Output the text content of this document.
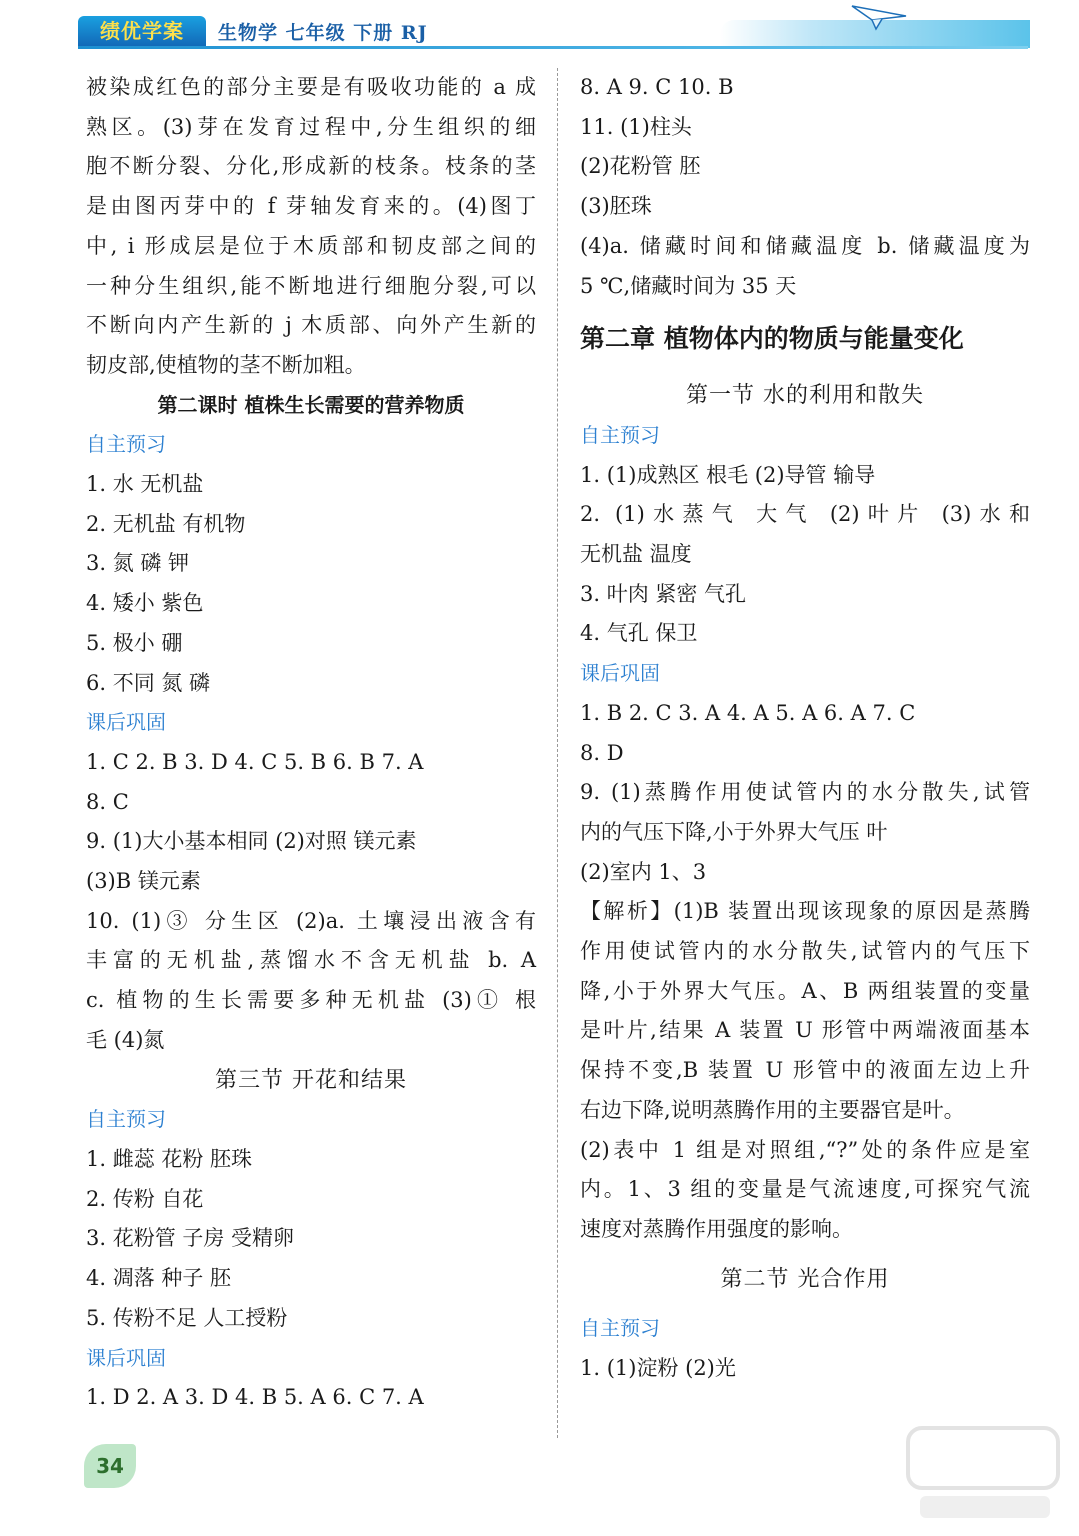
绩优学案	生物学 七年级 下册 RJ
被染成红色的部分主要是有吸收功能的 a 成
熟区。(3)芽在发育过程中,分生组织的细
胞不断分裂、分化,形成新的枝条。枝条的茎
是由图丙芽中的 f 芽轴发育来的。(4)图丁
中, i 形成层是位于木质部和韧皮部之间的
一种分生组织,能不断地进行细胞分裂,可以
不断向内产生新的 j 木质部、向外产生新的
韧皮部,使植物的茎不断加粗。
第二课时 植株生长需要的营养物质
自主预习
1. 水 无机盐
2. 无机盐 有机物
3. 氮 磷 钾
4. 矮小 紫色
5. 极小 硼
6. 不同 氮 磷
课后巩固
1. C 2. B 3. D 4. C 5. B 6. B 7. A
8. C
9. (1)大小基本相同 (2)对照 镁元素
(3)B 镁元素
10. (1)③ 分生区 (2)a. 土壤浸出液含有
丰富的无机盐,蒸馏水不含无机盐 b. A
c. 植物的生长需要多种无机盐 (3)① 根
毛 (4)氮
第三节 开花和结果
自主预习
1. 雌蕊 花粉 胚珠
2. 传粉 自花
3. 花粉管 子房 受精卵
4. 凋落 种子 胚
5. 传粉不足 人工授粉
课后巩固
1. D 2. A 3. D 4. B 5. A 6. C 7. A
8. A 9. C 10. B
11. (1)柱头
(2)花粉管 胚
(3)胚珠
(4)a. 储藏时间和储藏温度 b. 储藏温度为
5 ℃,储藏时间为 35 天
第二章 植物体内的物质与能量变化
第一节 水的利用和散失
自主预习
1. (1)成熟区 根毛 (2)导管 输导
2. (1)水蒸气 大气 (2)叶片 (3)水和
无机盐 温度
3. 叶肉 紧密 气孔
4. 气孔 保卫
课后巩固
1. B 2. C 3. A 4. A 5. A 6. A 7. C
8. D
9. (1)蒸腾作用使试管内的水分散失,试管
内的气压下降,小于外界大气压 叶
(2)室内 1、3
【解析】(1)B 装置出现该现象的原因是蒸腾
作用使试管内的水分散失,试管内的气压下
降,小于外界大气压。A、B 两组装置的变量
是叶片,结果 A 装置 U 形管中两端液面基本
保持不变,B 装置 U 形管中的液面左边上升
右边下降,说明蒸腾作用的主要器官是叶。
(2)表中 1 组是对照组,“?”处的条件应是室
内。1、3 组的变量是气流速度,可探究气流
速度对蒸腾作用强度的影响。
第二节 光合作用
自主预习
1. (1)淀粉 (2)光
34
